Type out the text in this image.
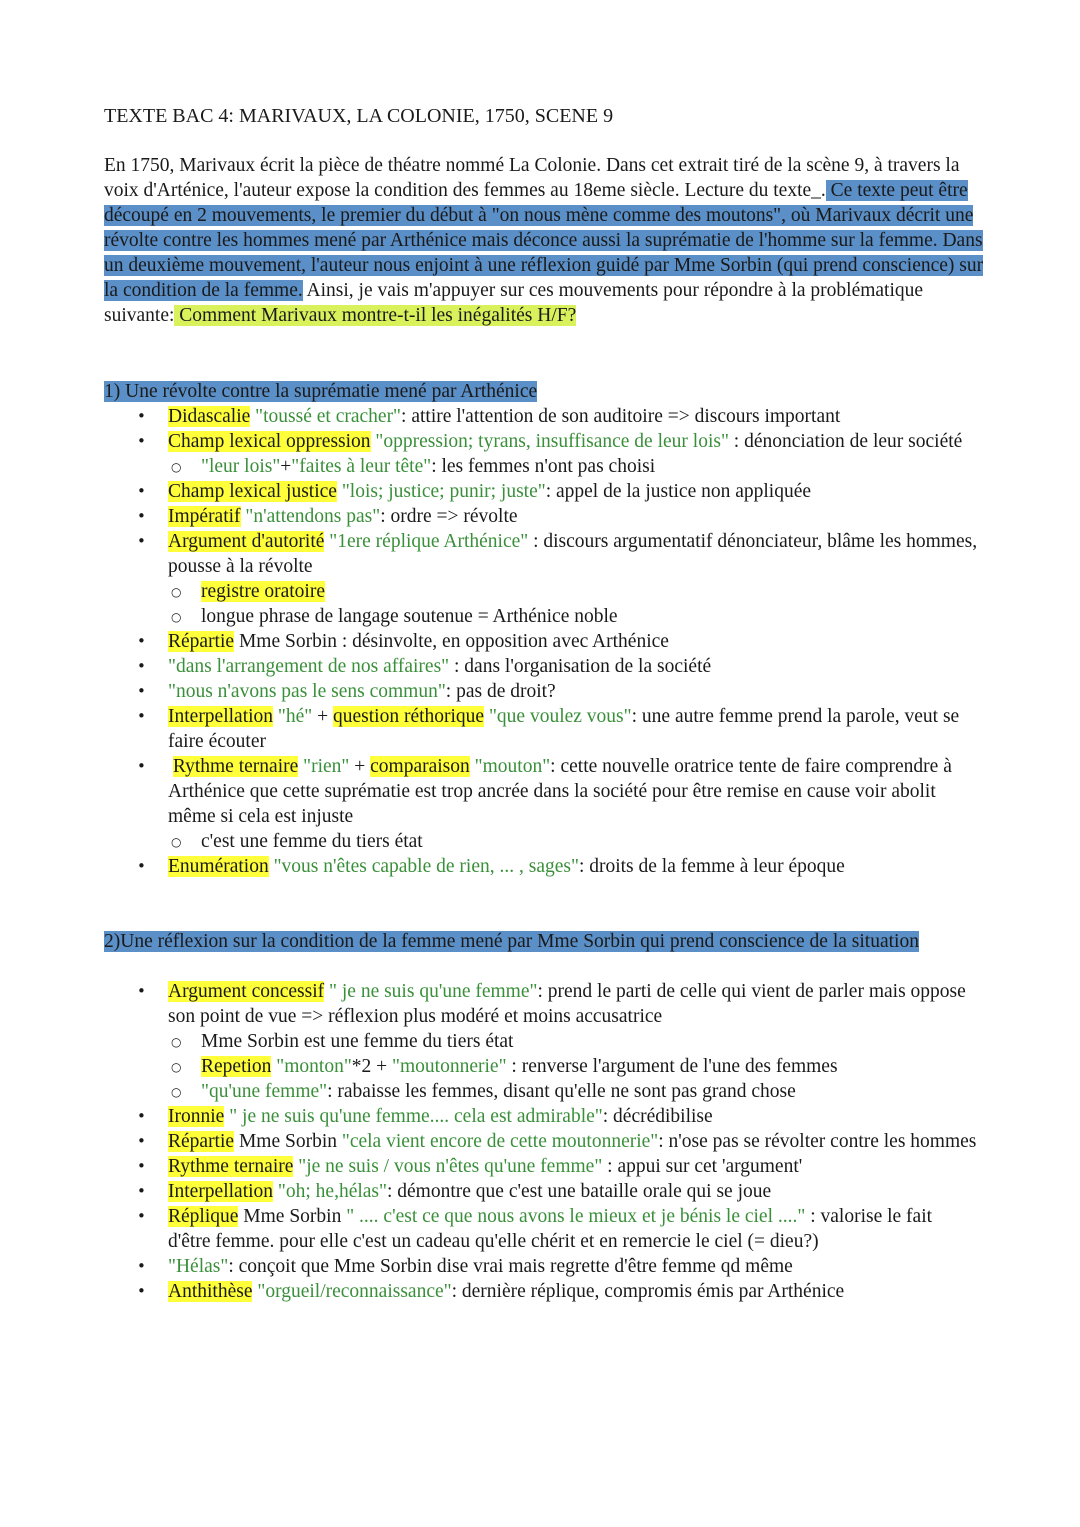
TEXTE BAC 4: MARIVAUX, LA COLONIE, 1750, SCENE 9

En 1750, Marivaux écrit la pièce de théatre nommé La Colonie. Dans cet extrait tiré de la scène 9, à travers la voix d'Arténice, l'auteur expose la condition des femmes au 18eme siècle. Lecture du texte_. Ce texte peut être découpé en 2 mouvements, le premier du début à "on nous mène comme des moutons", où Marivaux décrit une révolte contre les hommes mené par Arthénice mais déconce aussi la suprématie de l'homme sur la femme. Dans un deuxième mouvement, l'auteur nous enjoint à une réflexion guidé par Mme Sorbin (qui prend conscience) sur la condition de la femme. Ainsi, je vais m'appuyer sur ces mouvements pour répondre à la problématique suivante: Comment Marivaux montre-t-il les inégalités H/F?

1) Une révolte contre la suprématie mené par Arthénice
• Didascalie "toussé et cracher": attire l'attention de son auditoire => discours important
• Champ lexical oppression "oppression; tyrans, insuffisance de leur lois" : dénonciation de leur société
○ "leur lois"+"faites à leur tête": les femmes n'ont pas choisi
• Champ lexical justice "lois; justice; punir; juste": appel de la justice non appliquée
• Impératif "n'attendons pas": ordre => révolte
• Argument d'autorité "1ere réplique Arthénice" : discours argumentatif dénonciateur, blâme les hommes, pousse à la révolte
○ registre oratoire
○ longue phrase de langage soutenue = Arthénice noble
• Répartie Mme Sorbin : désinvolte, en opposition avec Arthénice
• "dans l'arrangement de nos affaires" : dans l'organisation de la société
• "nous n'avons pas le sens commun": pas de droit?
• Interpellation "hé" + question réthorique "que voulez vous": une autre femme prend la parole, veut se faire écouter
• Rythme ternaire "rien" + comparaison "mouton": cette nouvelle oratrice tente de faire comprendre à Arthénice que cette suprématie est trop ancrée dans la société pour être remise en cause voir abolit même si cela est injuste
○ c'est une femme du tiers état
• Enumération "vous n'êtes capable de rien, ... , sages": droits de la femme à leur époque
2)Une réflexion sur la condition de la femme mené par Mme Sorbin qui prend conscience de la situation
• Argument concessif " je ne suis qu'une femme": prend le parti de celle qui vient de parler mais oppose son point de vue => réflexion plus modéré et moins accusatrice
○ Mme Sorbin est une femme du tiers état
○ Repetion "monton"*2 + "moutonnerie" : renverse l'argument de l'une des femmes
○ "qu'une femme": rabaisse les femmes, disant qu'elle ne sont pas grand chose
• Ironnie " je ne suis qu'une femme.... cela est admirable": décrédibilise
• Répartie Mme Sorbin "cela vient encore de cette moutonnerie": n'ose pas se révolter contre les hommes
• Rythme ternaire "je ne suis / vous n'êtes qu'une femme" : appui sur cet 'argument'
• Interpellation "oh; he,hélas": démontre que c'est une bataille orale qui se joue
• Réplique Mme Sorbin " .... c'est ce que nous avons le mieux et je bénis le ciel ...." : valorise le fait d'être femme. pour elle c'est un cadeau qu'elle chérit et en remercie le ciel (= dieu?)
• "Hélas": conçoit que Mme Sorbin dise vrai mais regrette d'être femme qd même
• Anthithèse "orgueil/reconnaissance": dernière réplique, compromis émis par Arthénice
